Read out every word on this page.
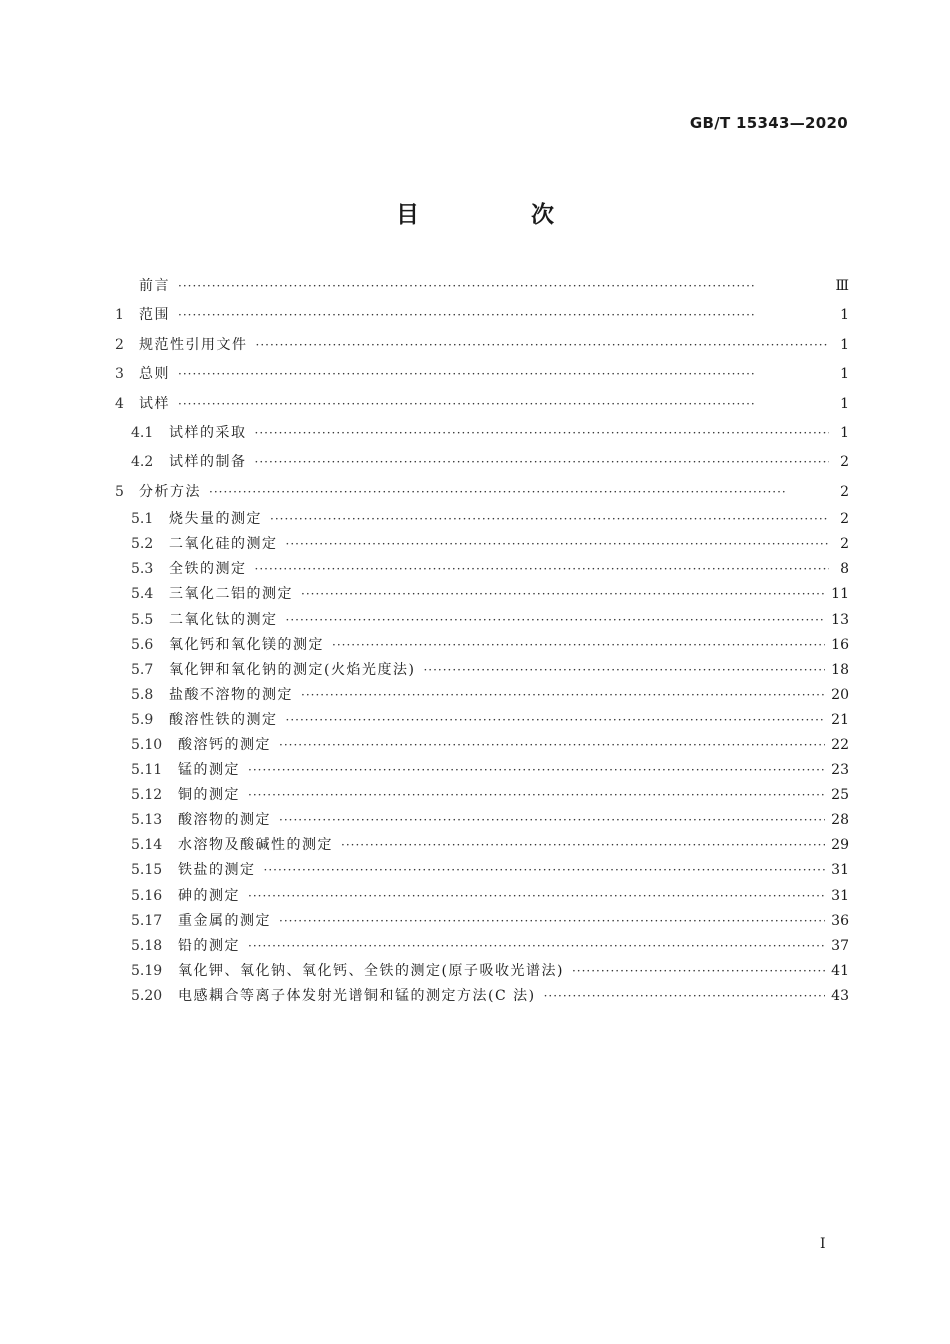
GB/T 15343—2020
目 次
前言 ·····	Ⅲ
1	范围 ·····	1
2	规范性引用文件 ·····	1
3	总则 ·····	1
4	试样 ·····	1
4.1	试样的采取 ·····	1
4.2	试样的制备 ·····	2
5	分析方法 ·····	2
5.1	烧失量的测定 ·····	2
5.2	二氧化硅的测定 ·····	2
5.3	全铁的测定 ·····	8
5.4	三氧化二铝的测定 ·····	11
5.5	二氧化钛的测定 ·····	13
5.6	氧化钙和氧化镁的测定 ·····	16
5.7	氧化钾和氧化钠的测定(火焰光度法) ·····	18
5.8	盐酸不溶物的测定 ·····	20
5.9	酸溶性铁的测定 ·····	21
5.10	酸溶钙的测定 ·····	22
5.11	锰的测定 ·····	23
5.12	铜的测定 ·····	25
5.13	酸溶物的测定 ·····	28
5.14	水溶物及酸碱性的测定 ·····	29
5.15	铁盐的测定 ·····	31
5.16	砷的测定 ·····	31
5.17	重金属的测定 ·····	36
5.18	铅的测定 ·····	37
5.19	氧化钾、氧化钠、氧化钙、全铁的测定(原子吸收光谱法) ·····	41
5.20	电感耦合等离子体发射光谱铜和锰的测定方法(C 法) ·····	43
I
